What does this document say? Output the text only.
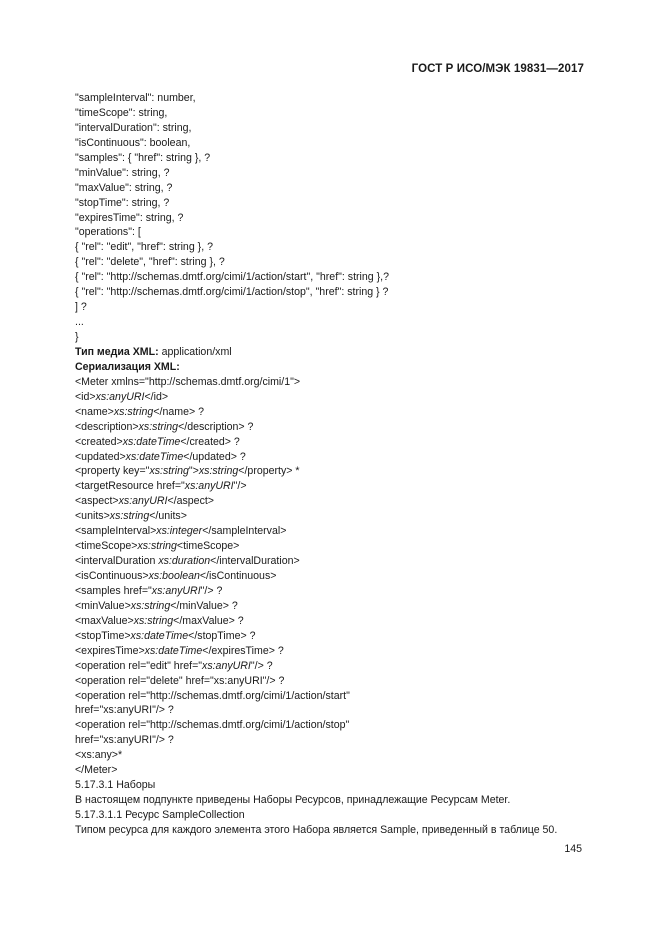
ГОСТ Р ИСО/МЭК 19831—2017
"sampleInterval": number,
"timeScope": string,
"intervalDuration": string,
"isContinuous": boolean,
"samples": { "href": string }, ?
"minValue": string, ?
"maxValue": string, ?
"stopTime": string, ?
"expiresTime": string, ?
"operations": [
{ "rel": "edit", "href": string }, ?
{ "rel": "delete", "href": string }, ?
{ "rel": "http://schemas.dmtf.org/cimi/1/action/start", "href": string },?
{ "rel": "http://schemas.dmtf.org/cimi/1/action/stop", "href": string } ?
] ?
...
}
Тип медиа XML: application/xml
Сериализация XML:
<Meter xmlns="http://schemas.dmtf.org/cimi/1">
<id>xs:anyURI</id>
<name>xs:string</name> ?
<description>xs:string</description> ?
<created>xs:dateTime</created> ?
<updated>xs:dateTime</updated> ?
<property key="xs:string">xs:string</property> *
<targetResource href="xs:anyURI"/>
<aspect>xs:anyURI</aspect>
<units>xs:string</units>
<sampleInterval>xs:integer</sampleInterval>
<timeScope>xs:string<timeScope>
<intervalDuration xs:duration</intervalDuration>
<isContinuous>xs:boolean</isContinuous>
<samples href="xs:anyURI"/> ?
<minValue>xs:string</minValue> ?
<maxValue>xs:string</maxValue> ?
<stopTime>xs:dateTime</stopTime> ?
<expiresTime>xs:dateTime</expiresTime> ?
<operation rel="edit" href="xs:anyURI"/> ?
<operation rel="delete" href="xs:anyURI"/> ?
<operation rel="http://schemas.dmtf.org/cimi/1/action/start"
href="xs:anyURI"/> ?
<operation rel="http://schemas.dmtf.org/cimi/1/action/stop"
href="xs:anyURI"/> ?
<xs:any>*
</Meter>
5.17.3.1 Наборы
В настоящем подпункте приведены Наборы Ресурсов, принадлежащие Ресурсам Meter.
5.17.3.1.1 Ресурс SampleCollection
Типом ресурса для каждого элемента этого Набора является Sample, приведенный в таблице 50.
145
